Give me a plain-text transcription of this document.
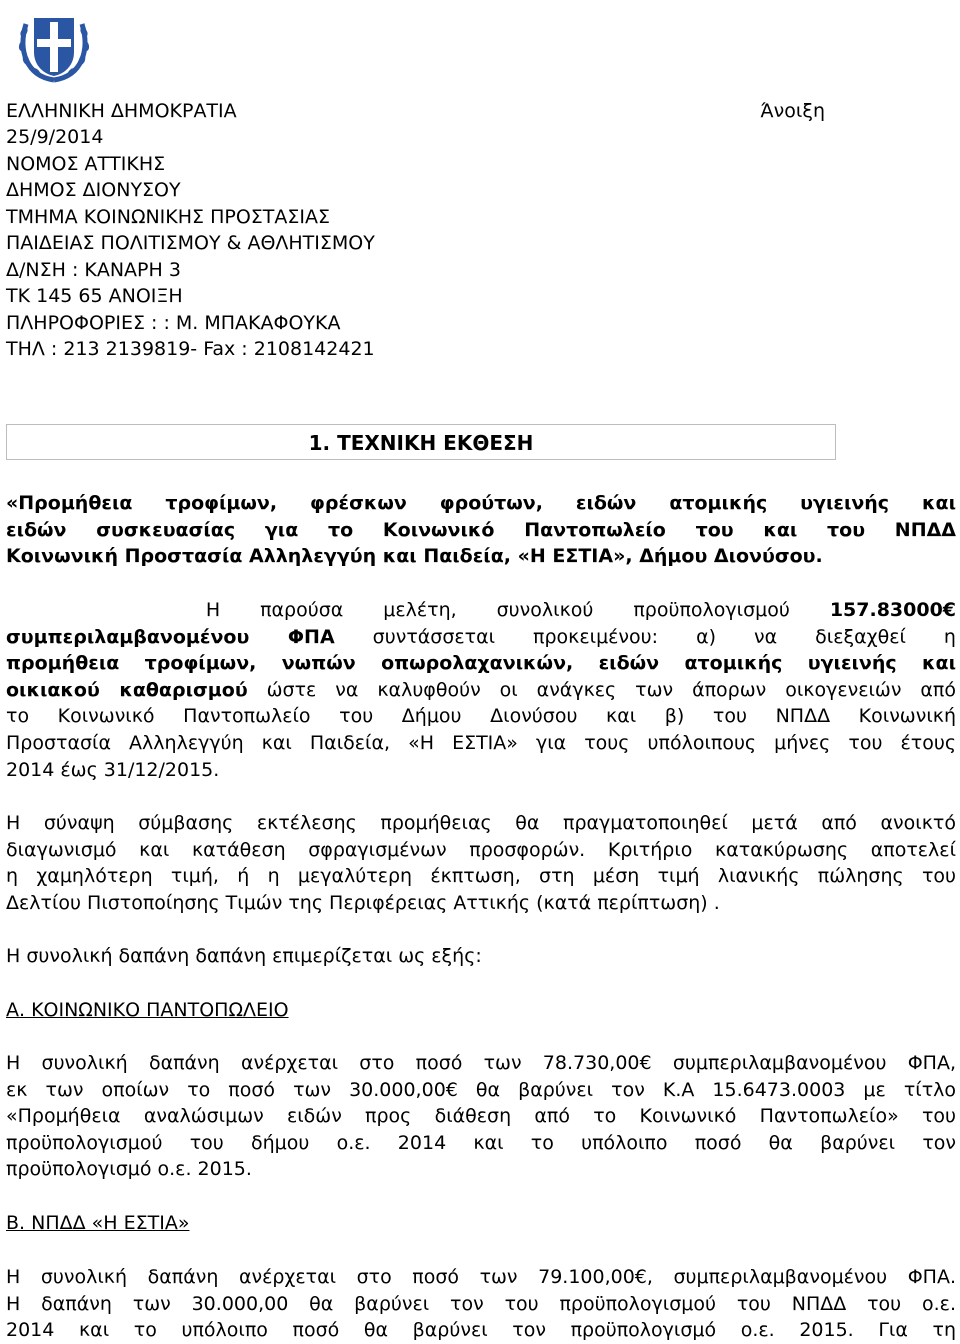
ΕΛΛΗΝΙΚΗ ΔΗΜΟΚΡΑΤΙΑ
25/9/2014
ΝΟΜΟΣ ΑΤΤΙΚΗΣ
ΔΗΜΟΣ ΔΙΟΝΥΣΟΥ
ΤΜΗΜΑ ΚΟΙΝΩΝΙΚΗΣ ΠΡΟΣΤΑΣΙΑΣ
ΠΑΙΔΕΙΑΣ ΠΟΛΙΤΙΣΜΟΥ & ΑΘΛΗΤΙΣΜΟΥ
Δ/ΝΣΗ : ΚΑΝΑΡΗ 3
ΤΚ 145 65 ΑΝΟΙΞΗ
ΠΛΗΡΟΦΟΡΙΕΣ : : Μ. ΜΠΑΚΑΦΟΥΚΑ
ΤΗΛ : 213 2139819- Fax : 2108142421
Άνοιξη
1. ΤΕΧΝΙΚΗ ΕΚΘΕΣΗ
«Προμήθεια τροφίμων, φρέσκων φρούτων, ειδών ατομικής υγιεινής και
ειδών συσκευασίας για το Κοινωνικό Παντοπωλείο του και του ΝΠΔΔ
Κοινωνική Προστασία Αλληλεγγύη και Παιδεία, «Η ΕΣΤΙΑ», Δήμου Διονύσου.
Η παρούσα μελέτη, συνολικού προϋπολογισμού 157.83000€
συμπεριλαμβανομένου ΦΠΑ συντάσσεται προκειμένου: α) να διεξαχθεί η
προμήθεια τροφίμων, νωπών οπωρολαχανικών, ειδών ατομικής υγιεινής και
οικιακού καθαρισμού ώστε να καλυφθούν οι ανάγκες των άπορων οικογενειών από
το Κοινωνικό Παντοπωλείο του Δήμου Διονύσου και β) του ΝΠΔΔ Κοινωνική
Προστασία Αλληλεγγύη και Παιδεία, «Η ΕΣΤΙΑ» για τους υπόλοιπους μήνες του έτους
2014 έως 31/12/2015.
Η σύναψη σύμβασης εκτέλεσης προμήθειας θα πραγματοποιηθεί μετά από ανοικτό
διαγωνισμό και κατάθεση σφραγισμένων προσφορών. Κριτήριο κατακύρωσης αποτελεί
η χαμηλότερη τιμή, ή η μεγαλύτερη έκπτωση, στη μέση τιμή λιανικής πώλησης του
Δελτίου Πιστοποίησης Τιμών της Περιφέρειας Αττικής (κατά περίπτωση) .
Η συνολική δαπάνη δαπάνη επιμερίζεται ως εξής:
Α. ΚΟΙΝΩΝΙΚΟ ΠΑΝΤΟΠΩΛΕΙΟ
Η συνολική δαπάνη ανέρχεται στο ποσό των 78.730,00€ συμπεριλαμβανομένου ΦΠΑ,
εκ των οποίων το ποσό των 30.000,00€ θα βαρύνει τον Κ.Α 15.6473.0003 με τίτλο
«Προμήθεια αναλώσιμων ειδών προς διάθεση από το Κοινωνικό Παντοπωλείο» του
προϋπολογισμού του δήμου ο.ε. 2014 και το υπόλοιπο ποσό θα βαρύνει τον
προϋπολογισμό ο.ε. 2015.
Β. ΝΠΔΔ «Η ΕΣΤΙΑ»
Η συνολική δαπάνη ανέρχεται στο ποσό των 79.100,00€, συμπεριλαμβανομένου ΦΠΑ.
Η δαπάνη των 30.000,00 θα βαρύνει τον του προϋπολογισμού του ΝΠΔΔ του ο.ε.
2014 και το υπόλοιπο ποσό θα βαρύνει τον προϋπολογισμό ο.ε. 2015. Για τη
